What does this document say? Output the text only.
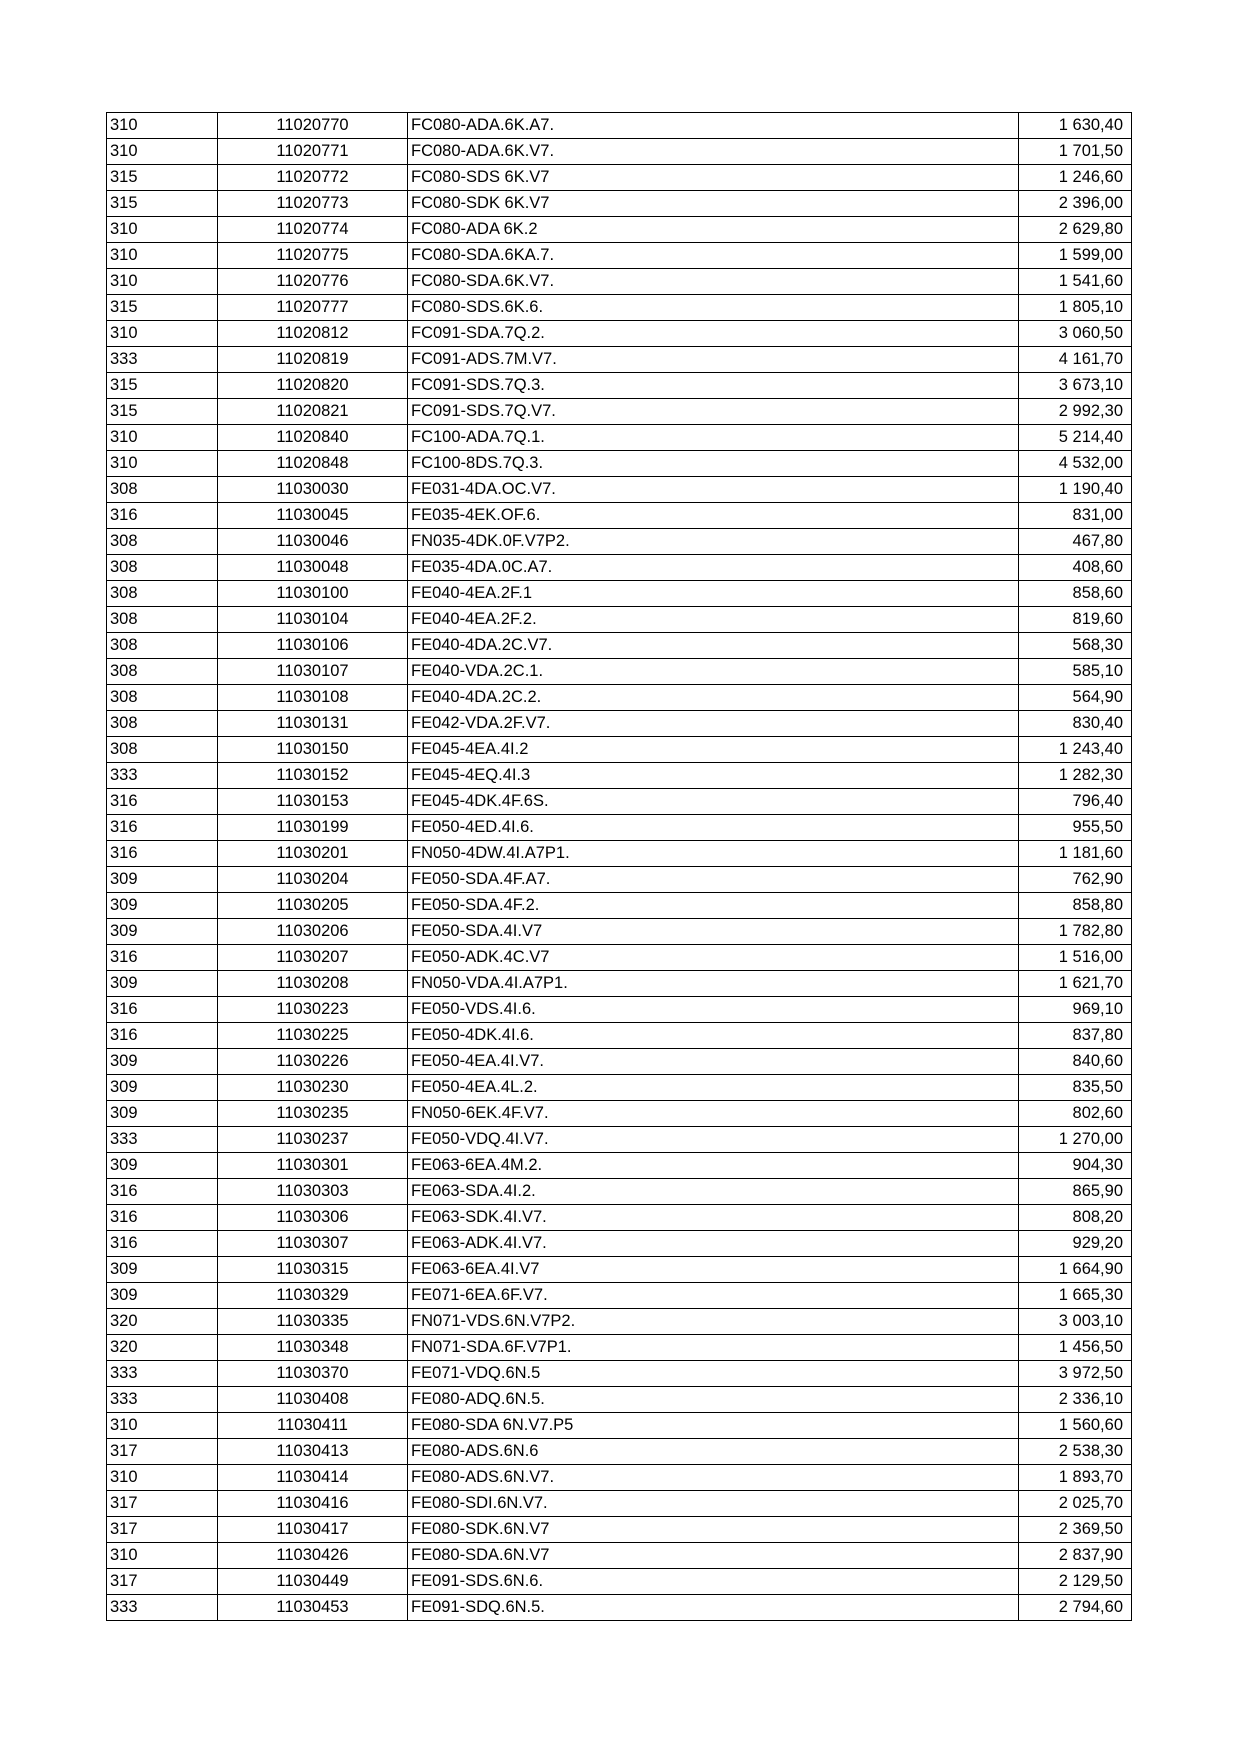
310	11020770	FC080-ADA.6K.A7.	1 630,40
310	11020771	FC080-ADA.6K.V7.	1 701,50
315	11020772	FC080-SDS 6K.V7	1 246,60
315	11020773	FC080-SDK 6K.V7	2 396,00
310	11020774	FC080-ADA 6K.2	2 629,80
310	11020775	FC080-SDA.6KA.7.	1 599,00
310	11020776	FC080-SDA.6K.V7.	1 541,60
315	11020777	FC080-SDS.6K.6.	1 805,10
310	11020812	FC091-SDA.7Q.2.	3 060,50
333	11020819	FC091-ADS.7M.V7.	4 161,70
315	11020820	FC091-SDS.7Q.3.	3 673,10
315	11020821	FC091-SDS.7Q.V7.	2 992,30
310	11020840	FC100-ADA.7Q.1.	5 214,40
310	11020848	FC100-8DS.7Q.3.	4 532,00
308	11030030	FE031-4DA.OC.V7.	1 190,40
316	11030045	FE035-4EK.OF.6.	831,00
308	11030046	FN035-4DK.0F.V7P2.	467,80
308	11030048	FE035-4DA.0C.A7.	408,60
308	11030100	FE040-4EA.2F.1	858,60
308	11030104	FE040-4EA.2F.2.	819,60
308	11030106	FE040-4DA.2C.V7.	568,30
308	11030107	FE040-VDA.2C.1.	585,10
308	11030108	FE040-4DA.2C.2.	564,90
308	11030131	FE042-VDA.2F.V7.	830,40
308	11030150	FE045-4EA.4I.2	1 243,40
333	11030152	FE045-4EQ.4I.3	1 282,30
316	11030153	FE045-4DK.4F.6S.	796,40
316	11030199	FE050-4ED.4I.6.	955,50
316	11030201	FN050-4DW.4I.A7P1.	1 181,60
309	11030204	FE050-SDA.4F.A7.	762,90
309	11030205	FE050-SDA.4F.2.	858,80
309	11030206	FE050-SDA.4I.V7	1 782,80
316	11030207	FE050-ADK.4C.V7	1 516,00
309	11030208	FN050-VDA.4I.A7P1.	1 621,70
316	11030223	FE050-VDS.4I.6.	969,10
316	11030225	FE050-4DK.4I.6.	837,80
309	11030226	FE050-4EA.4I.V7.	840,60
309	11030230	FE050-4EA.4L.2.	835,50
309	11030235	FN050-6EK.4F.V7.	802,60
333	11030237	FE050-VDQ.4I.V7.	1 270,00
309	11030301	FE063-6EA.4M.2.	904,30
316	11030303	FE063-SDA.4I.2.	865,90
316	11030306	FE063-SDK.4I.V7.	808,20
316	11030307	FE063-ADK.4I.V7.	929,20
309	11030315	FE063-6EA.4I.V7	1 664,90
309	11030329	FE071-6EA.6F.V7.	1 665,30
320	11030335	FN071-VDS.6N.V7P2.	3 003,10
320	11030348	FN071-SDA.6F.V7P1.	1 456,50
333	11030370	FE071-VDQ.6N.5	3 972,50
333	11030408	FE080-ADQ.6N.5.	2 336,10
310	11030411	FE080-SDA 6N.V7.P5	1 560,60
317	11030413	FE080-ADS.6N.6	2 538,30
310	11030414	FE080-ADS.6N.V7.	1 893,70
317	11030416	FE080-SDI.6N.V7.	2 025,70
317	11030417	FE080-SDK.6N.V7	2 369,50
310	11030426	FE080-SDA.6N.V7	2 837,90
317	11030449	FE091-SDS.6N.6.	2 129,50
333	11030453	FE091-SDQ.6N.5.	2 794,60
